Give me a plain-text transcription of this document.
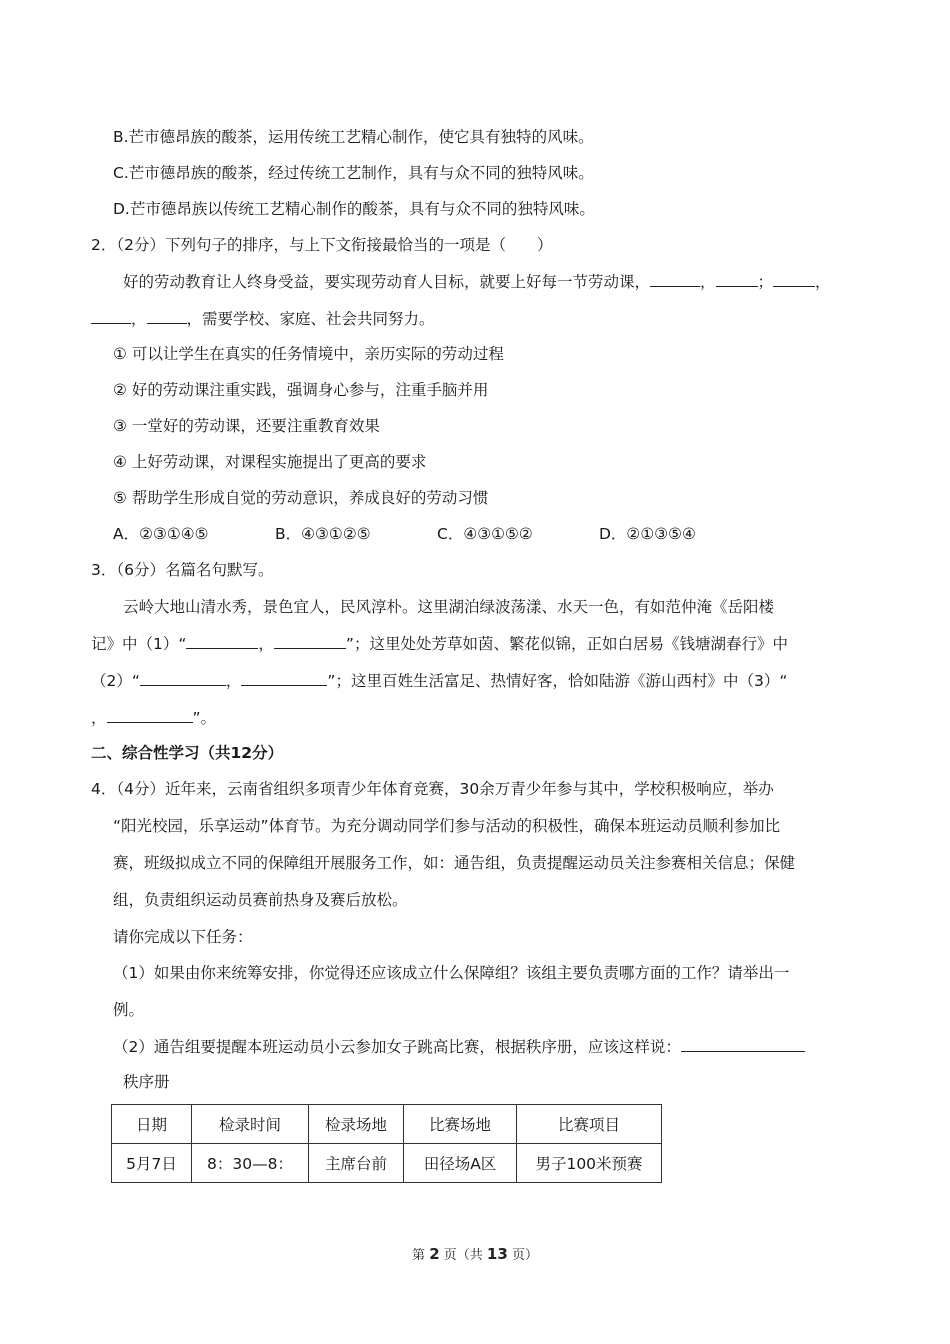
B.芒市德昂族的酸茶，运用传统工艺精心制作，使它具有独特的风味。
C.芒市德昂族的酸茶，经过传统工艺制作，具有与众不同的独特风味。
D.芒市德昂族以传统工艺精心制作的酸茶，具有与众不同的独特风味。
2．（2分）下列句子的排序，与上下文衔接最恰当的一项是（　　）
好的劳动教育让人终身受益，要实现劳动育人目标，就要上好每一节劳动课，	，	；	，
，	，需要学校、家庭、社会共同努力。
① 可以让学生在真实的任务情境中，亲历实际的劳动过程
② 好的劳动课注重实践，强调身心参与，注重手脑并用
③ 一堂好的劳动课，还要注重教育效果
④ 上好劳动课，对课程实施提出了更高的要求
⑤ 帮助学生形成自觉的劳动意识，养成良好的劳动习惯
A．②③①④⑤	B．④③①②⑤	C．④③①⑤②	D．②①③⑤④
3．（6分）名篇名句默写。
云岭大地山清水秀，景色宜人，民风淳朴。这里湖泊绿波荡漾、水天一色，有如范仲淹《岳阳楼
记》中（1）“	，	”；这里处处芳草如茵、繁花似锦，正如白居易《钱塘湖春行》中
（2）“	，	”；这里百姓生活富足、热情好客，恰如陆游《游山西村》中（3）“
，	”。
二、综合性学习（共12分）
4．（4分）近年来，云南省组织多项青少年体育竞赛，30余万青少年参与其中，学校积极响应，举办
“阳光校园，乐享运动”体育节。为充分调动同学们参与活动的积极性，确保本班运动员顺利参加比
赛，班级拟成立不同的保障组开展服务工作，如：通告组，负责提醒运动员关注参赛相关信息；保健
组，负责组织运动员赛前热身及赛后放松。
请你完成以下任务：
（1）如果由你来统筹安排，你觉得还应该成立什么保障组？该组主要负责哪方面的工作？请举出一
例。
（2）通告组要提醒本班运动员小云参加女子跳高比赛，根据秩序册，应该这样说：
秩序册
日期	检录时间	检录场地	比赛场地	比赛项目
5月7日	8：30—8：	主席台前	田径场A区	男子100米预赛
第 2 页（共 13 页）
